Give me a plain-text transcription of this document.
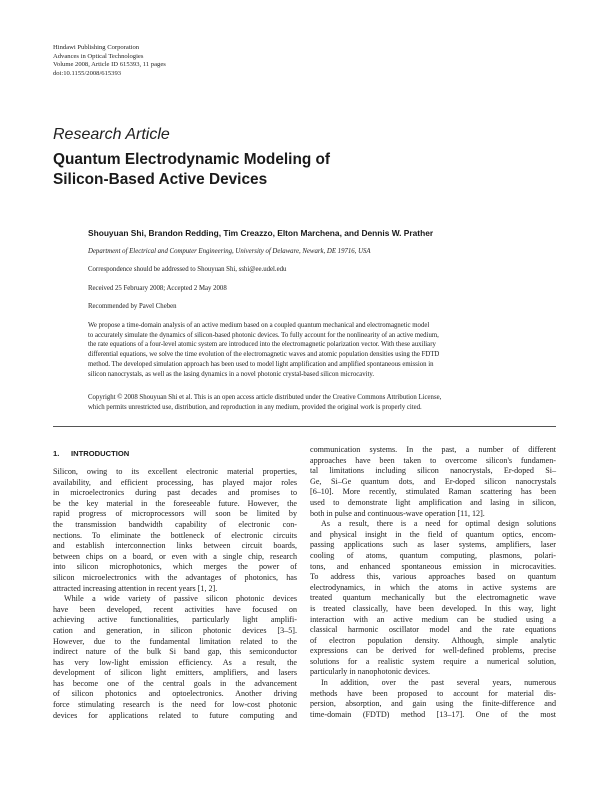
Hindawi Publishing Corporation
Advances in Optical Technologies
Volume 2008, Article ID 615393, 11 pages
doi:10.1155/2008/615393
Research Article
Quantum Electrodynamic Modeling of
Silicon-Based Active Devices
Shouyuan Shi, Brandon Redding, Tim Creazzo, Elton Marchena, and Dennis W. Prather
Department of Electrical and Computer Engineering, University of Delaware, Newark, DE 19716, USA
Correspondence should be addressed to Shouyuan Shi, sshi@ee.udel.edu
Received 25 February 2008; Accepted 2 May 2008
Recommended by Pavel Cheben
We propose a time-domain analysis of an active medium based on a coupled quantum mechanical and electromagnetic model
to accurately simulate the dynamics of silicon-based photonic devices. To fully account for the nonlinearity of an active medium,
the rate equations of a four-level atomic system are introduced into the electromagnetic polarization vector. With these auxiliary
differential equations, we solve the time evolution of the electromagnetic waves and atomic population densities using the FDTD
method. The developed simulation approach has been used to model light amplification and amplified spontaneous emission in
silicon nanocrystals, as well as the lasing dynamics in a novel photonic crystal-based silicon microcavity.
Copyright © 2008 Shouyuan Shi et al. This is an open access article distributed under the Creative Commons Attribution License,
which permits unrestricted use, distribution, and reproduction in any medium, provided the original work is properly cited.
1. INTRODUCTION
Silicon, owing to its excellent electronic material properties,
availability, and efficient processing, has played major roles
in microelectronics during past decades and promises to
be the key material in the foreseeable future. However, the
rapid progress of microprocessors will soon be limited by
the transmission bandwidth capability of electronic con-
nections. To eliminate the bottleneck of electronic circuits
and establish interconnection links between circuit boards,
between chips on a board, or even with a single chip, research
into silicon microphotonics, which merges the power of
silicon microelectronics with the advantages of photonics, has
attracted increasing attention in recent years [1, 2].
While a wide variety of passive silicon photonic devices
have been developed, recent activities have focused on
achieving active functionalities, particularly light amplifi-
cation and generation, in silicon photonic devices [3–5].
However, due to the fundamental limitation related to the
indirect nature of the bulk Si band gap, this semiconductor
has very low-light emission efficiency. As a result, the
development of silicon light emitters, amplifiers, and lasers
has become one of the central goals in the advancement
of silicon photonics and optoelectronics. Another driving
force stimulating research is the need for low-cost photonic
devices for applications related to future computing and
communication systems. In the past, a number of different
approaches have been taken to overcome silicon's fundamen-
tal limitations including silicon nanocrystals, Er-doped Si–
Ge, Si–Ge quantum dots, and Er-doped silicon nanocrystals
[6–10]. More recently, stimulated Raman scattering has been
used to demonstrate light amplification and lasing in silicon,
both in pulse and continuous-wave operation [11, 12].
As a result, there is a need for optimal design solutions
and physical insight in the field of quantum optics, encom-
passing applications such as laser systems, amplifiers, laser
cooling of atoms, quantum computing, plasmons, polari-
tons, and enhanced spontaneous emission in microcavities.
To address this, various approaches based on quantum
electrodynamics, in which the atoms in active systems are
treated quantum mechanically but the electromagnetic wave
is treated classically, have been developed. In this way, light
interaction with an active medium can be studied using a
classical harmonic oscillator model and the rate equations
of electron population density. Although, simple analytic
expressions can be derived for well-defined problems, precise
solutions for a realistic system require a numerical solution,
particularly in nanophotonic devices.
In addition, over the past several years, numerous
methods have been proposed to account for material dis-
persion, absorption, and gain using the finite-difference and
time-domain (FDTD) method [13–17]. One of the most
